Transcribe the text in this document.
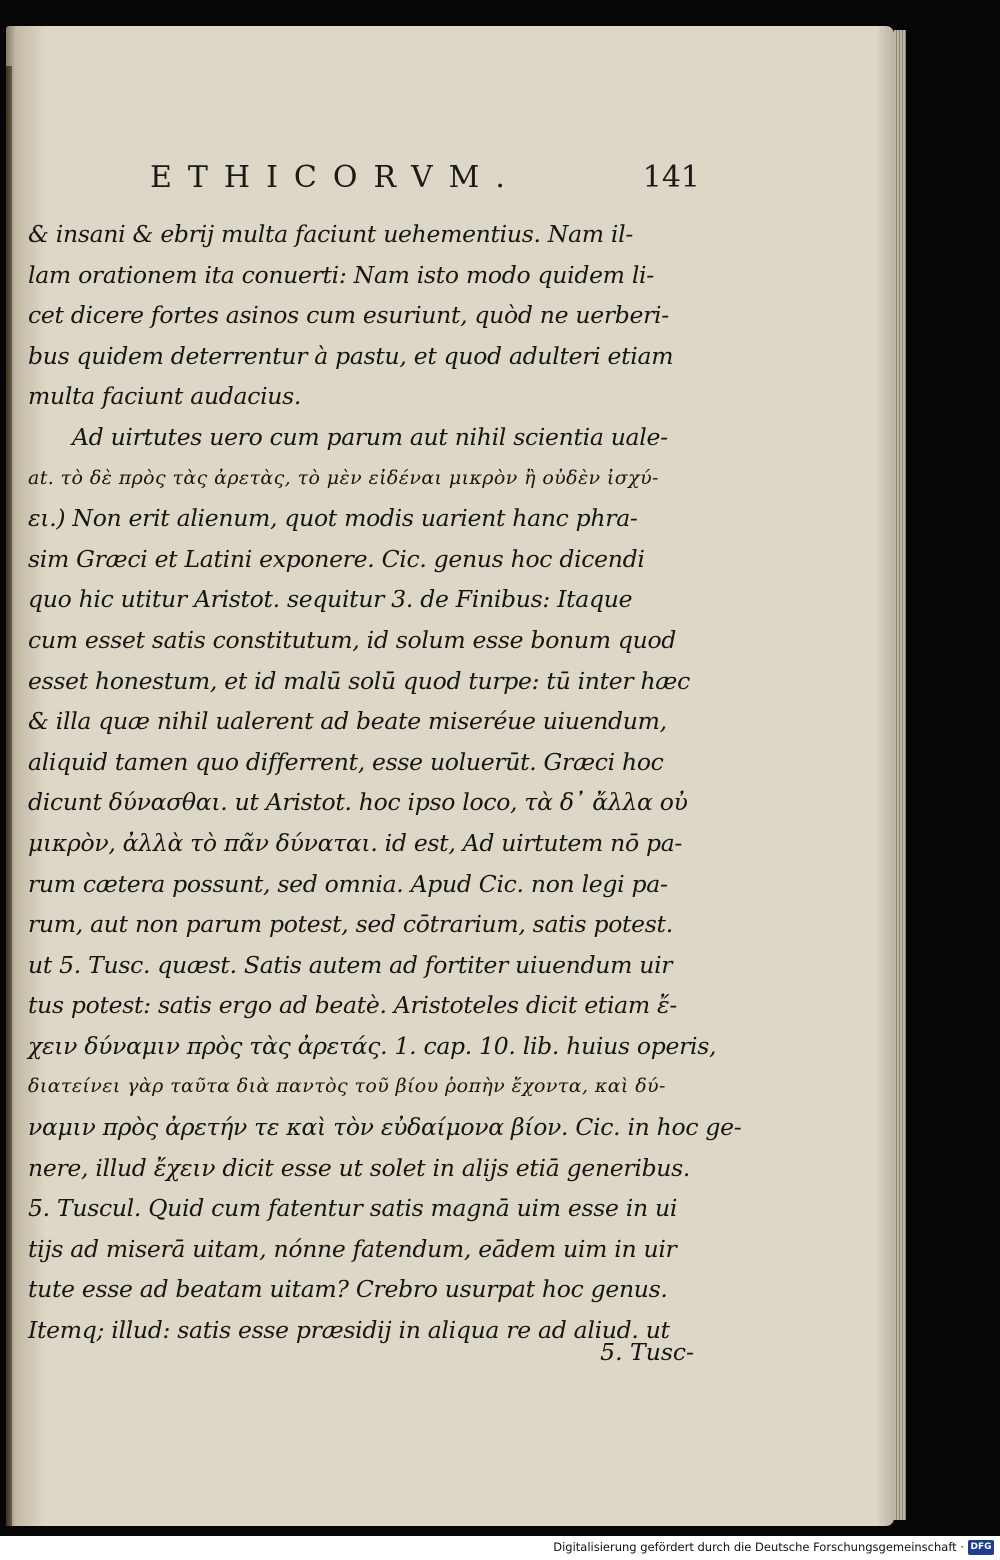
ETHICORVM.	141
& insani & ebrij multa faciunt uehementius. Nam il-
lam orationem ita conuerti: Nam isto modo quidem li-
cet dicere fortes asinos cum esuriunt, quòd ne uerberi-
bus quidem deterrentur à pastu, et quod adulteri etiam
multa faciunt audacius.
Ad uirtutes uero cum parum aut nihil scientia uale-
at. τὸ δὲ πρὸς τὰς ἀρετὰς, τὸ μὲν εἰδέναι μικρὸν ἢ οὐδὲν ἰσχύ-
ει.) Non erit alienum, quot modis uarient hanc phra-
sim Græci et Latini exponere. Cic. genus hoc dicendi
quo hic utitur Aristot. sequitur 3. de Finibus: Itaque
cum esset satis constitutum, id solum esse bonum quod
esset honestum, et id malū solū quod turpe: tū inter hæc
& illa quæ nihil ualerent ad beate miseréue uiuendum,
aliquid tamen quo differrent, esse uoluerūt. Græci hoc
dicunt δύνασθαι. ut Aristot. hoc ipso loco, τὰ δ᾽ ἄλλα οὐ
μικρὸν, ἀλλὰ τὸ πᾶν δύναται. id est, Ad uirtutem nō pa-
rum cætera possunt, sed omnia. Apud Cic. non legi pa-
rum, aut non parum potest, sed cōtrarium, satis potest.
ut 5. Tusc. quæst. Satis autem ad fortiter uiuendum uir
tus potest: satis ergo ad beatè. Aristoteles dicit etiam ἔ-
χειν δύναμιν πρὸς τὰς ἀρετάς. 1. cap. 10. lib. huius operis,
διατείνει γὰρ ταῦτα διὰ παντὸς τοῦ βίου ῥοπὴν ἔχοντα, καὶ δύ-
ναμιν πρὸς ἀρετήν τε καὶ τὸν εὐδαίμονα βίον. Cic. in hoc ge-
nere, illud ἔχειν dicit esse ut solet in alijs etiā generibus.
5. Tuscul. Quid cum fatentur satis magnā uim esse in ui
tijs ad miserā uitam, nónne fatendum, eādem uim in uir
tute esse ad beatam uitam? Crebro usurpat hoc genus.
Itemq; illud: satis esse præsidij in aliqua re ad aliud. ut
5. Tusc-
Digitalisierung gefördert durch die Deutsche Forschungsgemeinschaft · DFG
